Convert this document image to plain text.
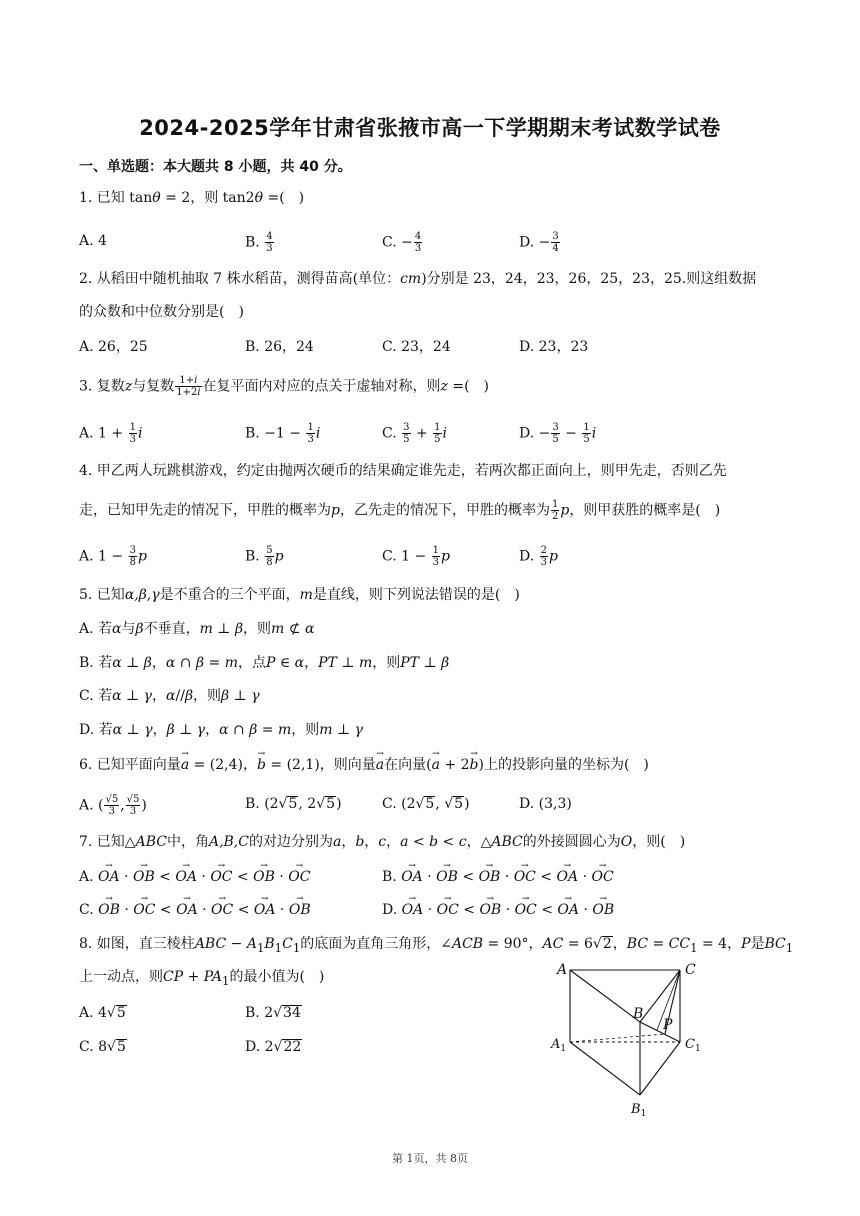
2024-2025学年甘肃省张掖市高一下学期期末考试数学试卷
一、单选题：本大题共 8 小题，共 40 分。
1. 已知 tanθ = 2，则 tan2θ =(　)
A. 4	B. $\frac{4}{3}$	C. − $\frac{4}{3}$	D. − $\frac{3}{4}$
2. 从稻田中随机抽取 7 株水稻苗，测得苗高(单位：cm)分别是 23，24，23，26，25，23，25.则这组数据
的众数和中位数分别是(　)
A. 26，25	B. 26，24	C. 23，24	D. 23，23
3. 复数z与复数 $\frac{1+i}{1+2i}$ 在复平面内对应的点关于虚轴对称，则z =(　)
A. $1 + \frac{1}{3}$ i	B. $-1 - \frac{1}{3}$ i	C. $\frac{3}{5} + \frac{1}{5}$ i	D. − $\frac{3}{5} - \frac{1}{5}$ i
4. 甲乙两人玩跳棋游戏，约定由抛两次硬币的结果确定谁先走，若两次都正面向上，则甲先走，否则乙先
走，已知甲先走的情况下，甲胜的概率为p，乙先走的情况下，甲胜的概率为 $\frac{1}{2}$ p，则甲获胜的概率是(　)
A. $1 - \frac{3}{8}$ p	B. $\frac{5}{8}$ p	C. $1 - \frac{1}{3}$ p	D. $\frac{2}{3}$ p
5. 已知α,β,γ是不重合的三个平面，m是直线，则下列说法错误的是(　)
A. 若α与β不垂直，m ⊥ β，则m ⊄ α
B. 若α ⊥ β，α ∩ β = m，点P ∈ α，PT ⊥ m，则PT ⊥ β
C. 若α ⊥ γ，α//β，则β ⊥ γ
D. 若α ⊥ γ，β ⊥ γ，α ∩ β = m，则m ⊥ γ
6. 已知平面向量→ a = (2,4)，→ b = (2,1)，则向量→ a在向量(→ a + 2→ b)上的投影向量的坐标为(　)
A. ( $\frac{√5}{3}$ , $\frac{√5}{3}$ )	B. (2√5, 2√5)	C. (2√5, √5)	D. (3,3)
7. 已知△ABC中，角A,B,C的对边分别为a，b，c，a < b < c，△ABC的外接圆圆心为O，则(　)
A. → OA · → OB < → OA · → OC < → OB · → OC	B. → OA · → OB < → OB · → OC < → OA · → OC
C. → OB · → OC < → OA · → OC < → OA · → OB	D. → OA · → OC < → OB · → OC < → OA · → OB
8. 如图，直三棱柱ABC − $A_1B_1C_1$的底面为直角三角形，∠ACB = 90°，AC = 6√2，BC = $CC_1 = 4$，P是$BC_1$
上一动点，则CP + $PA_1$的最小值为(　)
A. 4√5	B. 2√34
C. 8√5	D. 2√22
A	C
B
P
$A_1$	$C_1$
$B_1$
第 1页，共 8页
